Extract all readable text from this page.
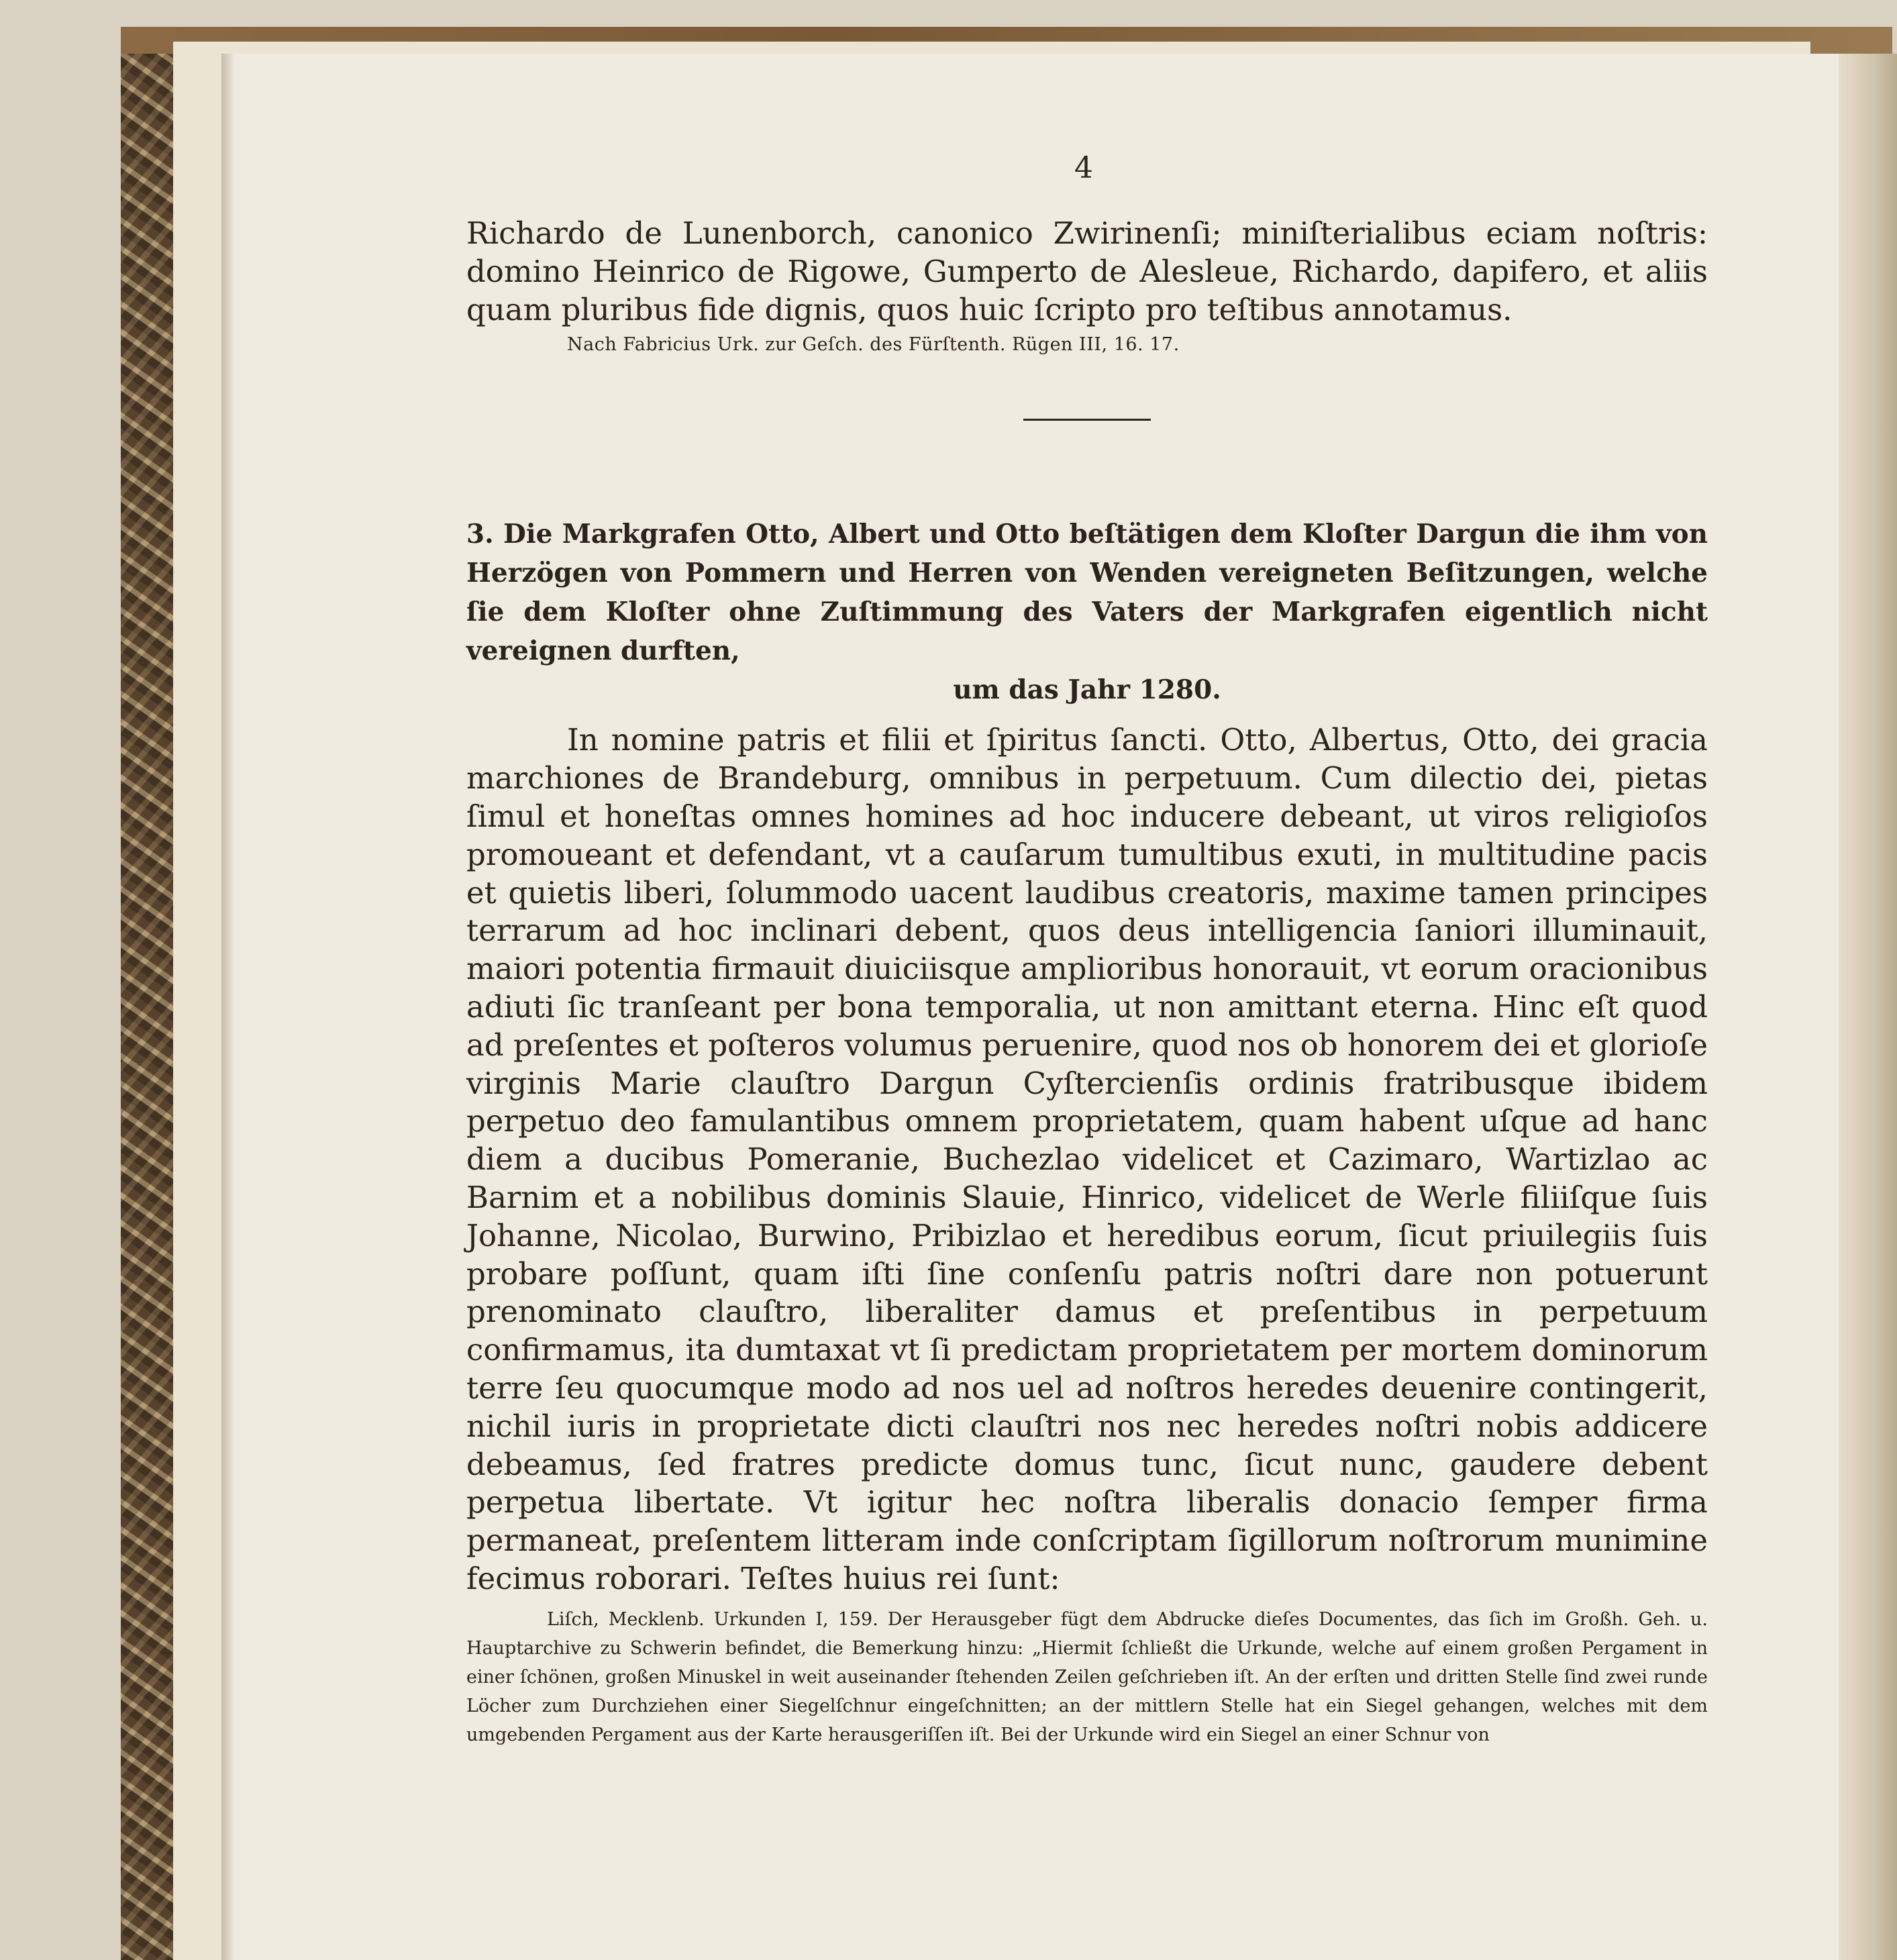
4

Richardo de Lunenborch, canonico Zwirinenſi; miniſterialibus eciam noſtris: domino Heinrico de Rigowe, Gumperto de Alesleue, Richardo, dapifero, et aliis quam pluribus fide dignis, quos huic ſcripto pro teſtibus annotamus.

Nach Fabricius Urk. zur Geſch. des Fürſtenth. Rügen III, 16. 17.

3. Die Markgrafen Otto, Albert und Otto beſtätigen dem Kloſter Dargun die ihm von Herzögen von Pommern und Herren von Wenden vereigneten Beſitzungen, welche ſie dem Kloſter ohne Zuſtimmung des Vaters der Markgrafen eigentlich nicht vereignen durften,
um das Jahr 1280.

In nomine patris et filii et ſpiritus ſancti. Otto, Albertus, Otto, dei gracia marchiones de Brandeburg, omnibus in perpetuum. Cum dilectio dei, pietas ſimul et honeſtas omnes homines ad hoc inducere debeant, ut viros religioſos promoueant et defendant, vt a cauſarum tumultibus exuti, in multitudine pacis et quietis liberi, ſolummodo uacent laudibus creatoris, maxime tamen principes terrarum ad hoc inclinari debent, quos deus intelligencia ſaniori illuminauit, maiori potentia firmauit diuiciisque amplioribus honorauit, vt eorum oracionibus adiuti ſic tranſeant per bona temporalia, ut non amittant eterna. Hinc eſt quod ad preſentes et poſteros volumus peruenire, quod nos ob honorem dei et glorioſe virginis Marie clauſtro Dargun Cyſtercienſis ordinis fratribusque ibidem perpetuo deo famulantibus omnem proprietatem, quam habent uſque ad hanc diem a ducibus Pomeranie, Buchezlao videlicet et Cazimaro, Wartizlao ac Barnim et a nobilibus dominis Slauie, Hinrico, videlicet de Werle filiiſque ſuis Johanne, Nicolao, Burwino, Pribizlao et heredibus eorum, ſicut priuilegiis ſuis probare poſſunt, quam iſti ſine conſenſu patris noſtri dare non potuerunt prenominato clauſtro, liberaliter damus et preſentibus in perpetuum confirmamus, ita dumtaxat vt ſi predictam proprietatem per mortem dominorum terre ſeu quocumque modo ad nos uel ad noſtros heredes deuenire contingerit, nichil iuris in proprietate dicti clauſtri nos nec heredes noſtri nobis addicere debeamus, ſed fratres predicte domus tunc, ſicut nunc, gaudere debent perpetua libertate. Vt igitur hec noſtra liberalis donacio ſemper firma permaneat, preſentem litteram inde conſcriptam ſigillorum noſtrorum munimine fecimus roborari. Teſtes huius rei ſunt:

Liſch, Mecklenb. Urkunden I, 159. Der Herausgeber fügt dem Abdrucke dieſes Documentes, das ſich im Großh. Geh. u. Hauptarchive zu Schwerin befindet, die Bemerkung hinzu: „Hiermit ſchließt die Urkunde, welche auf einem großen Pergament in einer ſchönen, großen Minuskel in weit auseinander ſtehenden Zeilen geſchrieben iſt. An der erſten und dritten Stelle ſind zwei runde Löcher zum Durchziehen einer Siegelſchnur eingeſchnitten; an der mittlern Stelle hat ein Siegel gehangen, welches mit dem umgebenden Pergament aus der Karte herausgeriſſen iſt. Bei der Urkunde wird ein Siegel an einer Schnur von
